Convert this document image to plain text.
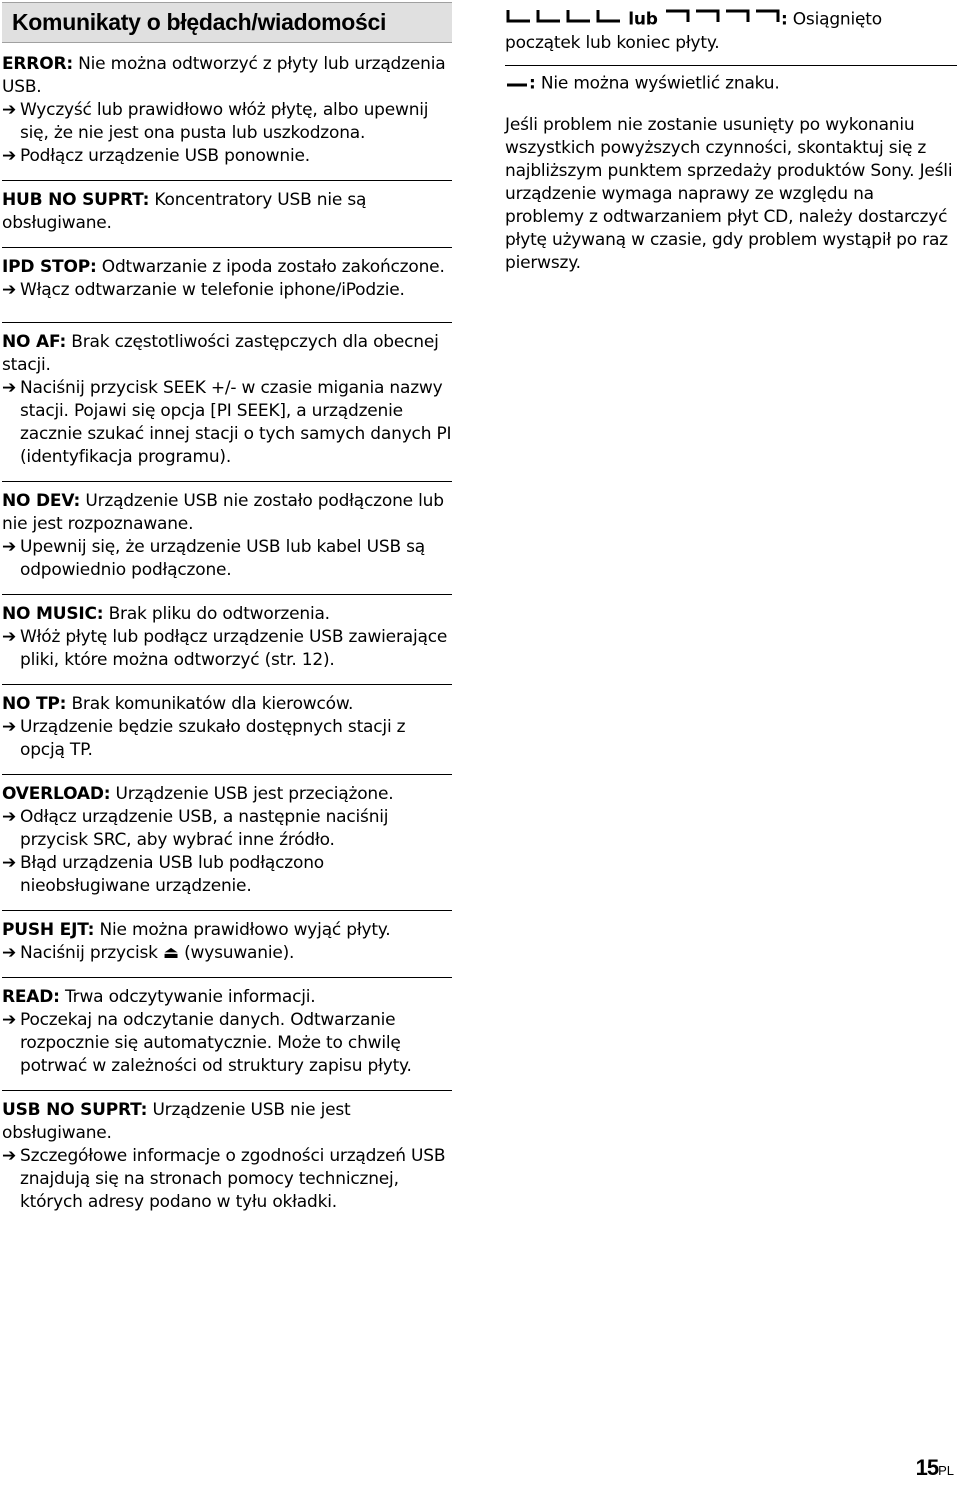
Komunikaty o błędach/wiadomości
ERROR: Nie można odtworzyć z płyty lub urządzenia USB.
➔ Wyczyść lub prawidłowo włóż płytę, albo upewnij się, że nie jest ona pusta lub uszkodzona.
➔ Podłącz urządzenie USB ponownie.
HUB NO SUPRT: Koncentratory USB nie są obsługiwane.
IPD STOP: Odtwarzanie z ipoda zostało zakończone.
➔ Włącz odtwarzanie w telefonie iphone/iPodzie.
NO AF: Brak częstotliwości zastępczych dla obecnej stacji.
➔ Naciśnij przycisk SEEK +/- w czasie migania nazwy stacji. Pojawi się opcja [PI SEEK], a urządzenie zacznie szukać innej stacji o tych samych danych PI (identyfikacja programu).
NO DEV: Urządzenie USB nie zostało podłączone lub nie jest rozpoznawane.
➔ Upewnij się, że urządzenie USB lub kabel USB są odpowiednio podłączone.
NO MUSIC: Brak pliku do odtworzenia.
➔ Włóż płytę lub podłącz urządzenie USB zawierające pliki, które można odtworzyć (str. 12).
NO TP: Brak komunikatów dla kierowców.
➔ Urządzenie będzie szukało dostępnych stacji z opcją TP.
OVERLOAD: Urządzenie USB jest przeciążone.
➔ Odłącz urządzenie USB, a następnie naciśnij przycisk SRC, aby wybrać inne źródło.
➔ Błąd urządzenia USB lub podłączono nieobsługiwane urządzenie.
PUSH EJT: Nie można prawidłowo wyjąć płyty.
➔ Naciśnij przycisk ⏏ (wysuwanie).
READ: Trwa odczytywanie informacji.
➔ Poczekaj na odczytanie danych. Odtwarzanie rozpocznie się automatycznie. Może to chwilę potrwać w zależności od struktury zapisu płyty.
USB NO SUPRT: Urządzenie USB nie jest obsługiwane.
➔ Szczegółowe informacje o zgodności urządzeń USB znajdują się na stronach pomocy technicznej, których adresy podano w tyłu okładki.
lub	: Osiągnięto początek lub koniec płyty.
: Nie można wyświetlić znaku.
Jeśli problem nie zostanie usunięty po wykonaniu wszystkich powyższych czynności, skontaktuj się z najbliższym punktem sprzedaży produktów Sony. Jeśli urządzenie wymaga naprawy ze względu na problemy z odtwarzaniem płyt CD, należy dostarczyć płytę używaną w czasie, gdy problem wystąpił po raz pierwszy.
15PL
